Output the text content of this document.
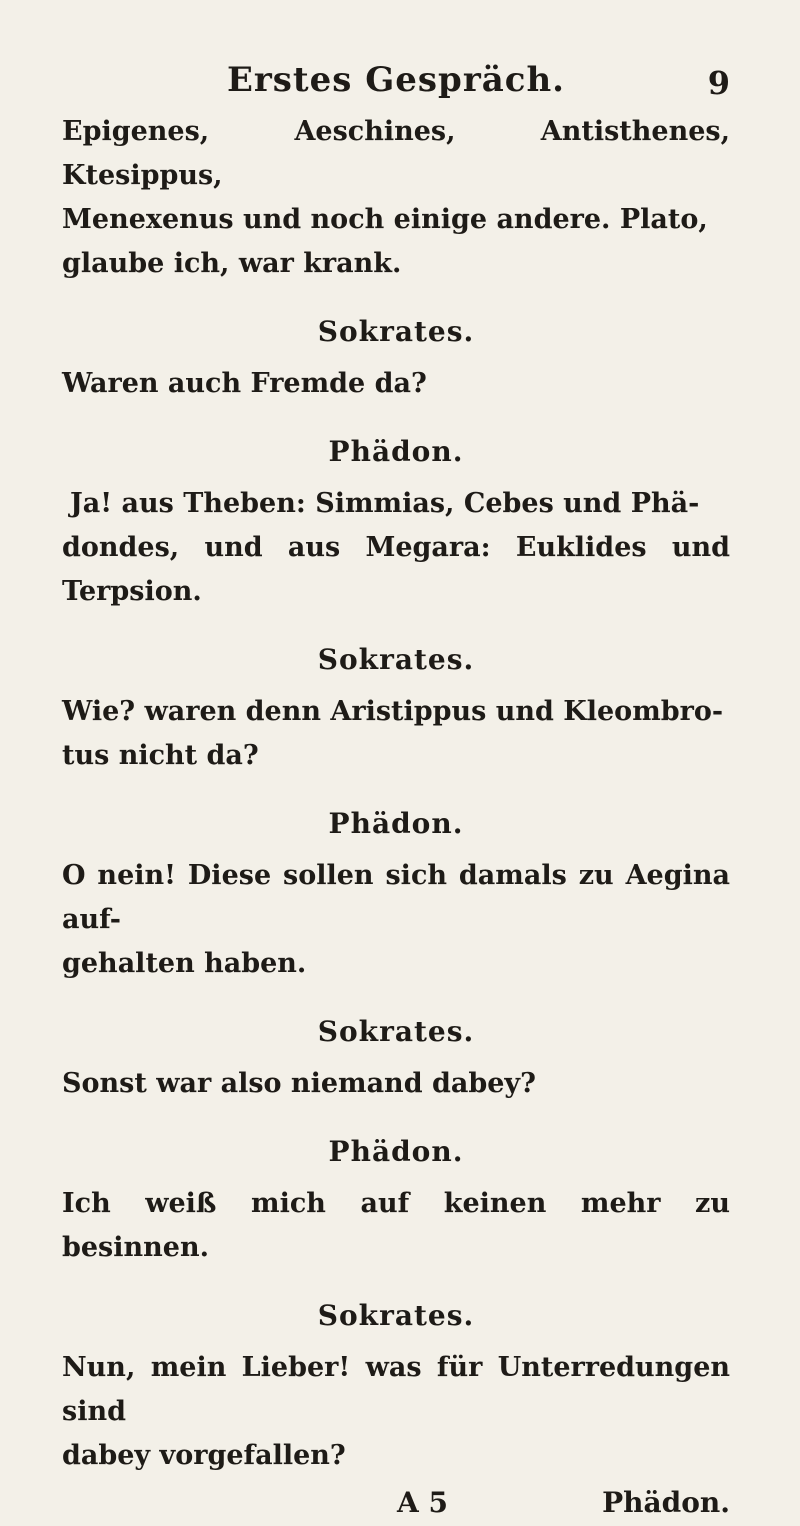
Erstes Gespräch.	9

Epigenes, Aeschines, Antisthenes, Ktesippus,

Menexenus und noch einige andere. Plato,

glaube ich, war krank.

Sokrates.

Waren auch Fremde da?

Phädon.

Ja! aus Theben: Simmias, Cebes und Phä-

dondes, und aus Megara: Euklides und Terpsion.

Sokrates.

Wie? waren denn Aristippus und Kleombro-

tus nicht da?

Phädon.

O nein! Diese sollen sich damals zu Aegina auf-

gehalten haben.

Sokrates.

Sonst war also niemand dabey?

Phädon.

Ich weiß mich auf keinen mehr zu besinnen.

Sokrates.

Nun, mein Lieber! was für Unterredungen sind

dabey vorgefallen?

A 5	Phädon.
